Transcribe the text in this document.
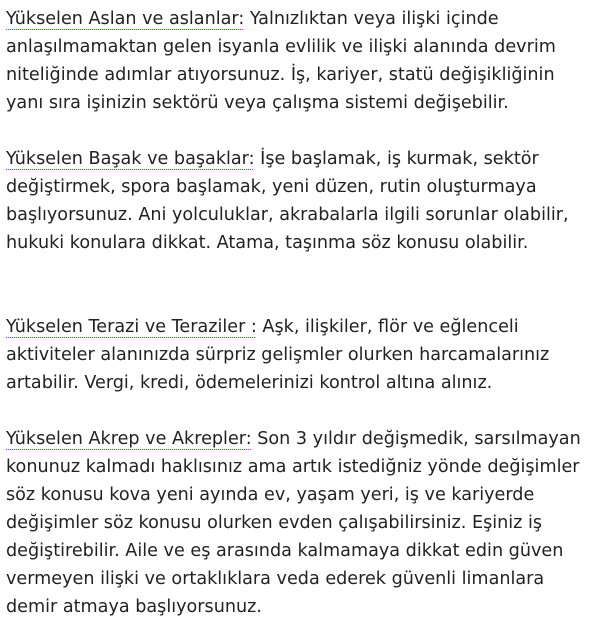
Yükselen Aslan ve aslanlar: Yalnızlıktan veya ilişki içinde anlaşılmamaktan gelen isyanla evlilik ve ilişki alanında devrim niteliğinde adımlar atıyorsunuz. İş, kariyer, statü değişikliğinin yanı sıra işinizin sektörü veya çalışma sistemi değişebilir.

Yükselen Başak ve başaklar: İşe başlamak, iş kurmak, sektör değiştirmek, spora başlamak, yeni düzen, rutin oluşturmaya başlıyorsunuz. Ani yolculuklar, akrabalarla ilgili sorunlar olabilir, hukuki konulara dikkat. Atama, taşınma söz konusu olabilir.

Yükselen Terazi ve Teraziler : Aşk, ilişkiler, flör ve eğlenceli aktiviteler alanınızda sürpriz gelişmler olurken harcamalarınız artabilir. Vergi, kredi, ödemelerinizi kontrol altına alınız.

Yükselen Akrep ve Akrepler: Son 3 yıldır değişmedik, sarsılmayan konunuz kalmadı haklısınız ama artık istediğniz yönde değişimler söz konusu kova yeni ayında ev, yaşam yeri, iş ve kariyerde değişimler söz konusu olurken evden çalışabilirsiniz. Eşiniz iş değiştirebilir. Aile ve eş arasında kalmamaya dikkat edin güven vermeyen ilişki ve ortaklıklara veda ederek güvenli limanlara demir atmaya başlıyorsunuz.
